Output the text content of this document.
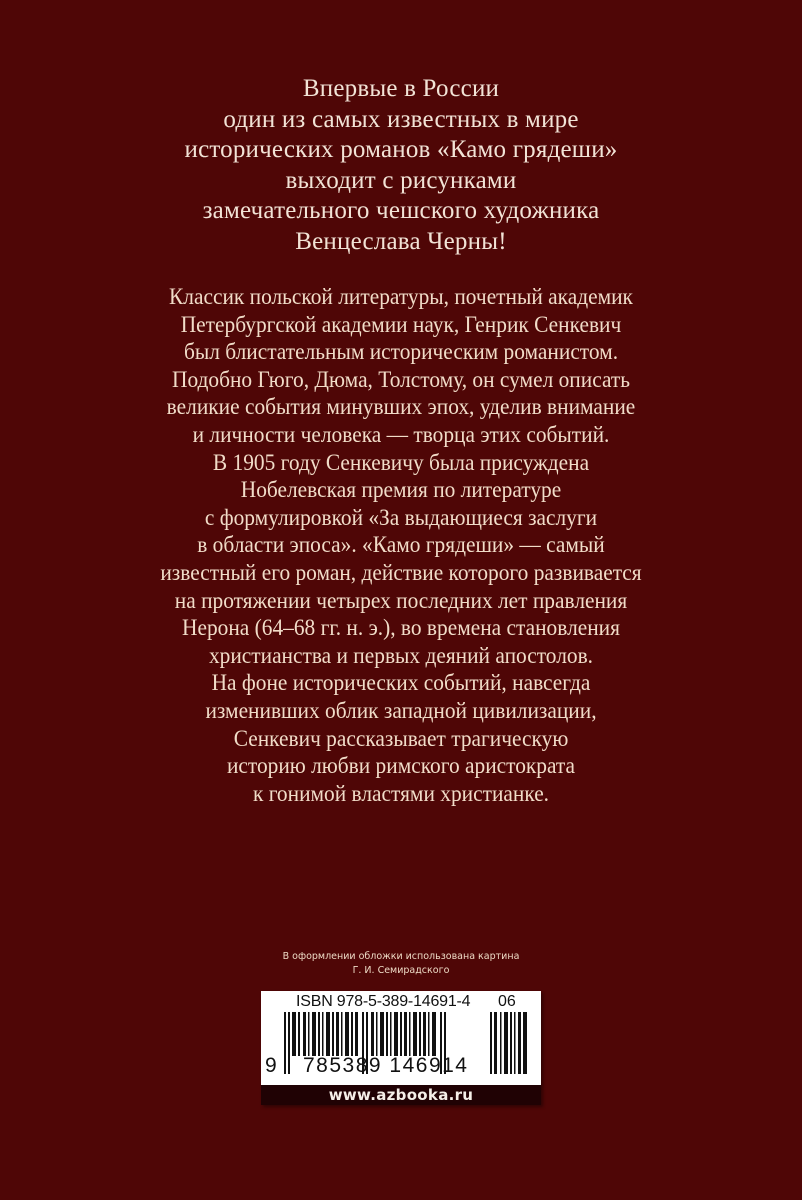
Впервые в России
один из самых известных в мире
исторических романов «Камо грядеши»
выходит с рисунками
замечательного чешского художника
Венцеслава Черны!
Классик польской литературы, почетный академик
Петербургской академии наук, Генрик Сенкевич
был блистательным историческим романистом.
Подобно Гюго, Дюма, Толстому, он сумел описать
великие события минувших эпох, уделив внимание
и личности человека — творца этих событий.
В 1905 году Сенкевичу была присуждена
Нобелевская премия по литературе
с формулировкой «За выдающиеся заслуги
в области эпоса». «Камо грядеши» — самый
известный его роман, действие которого развивается
на протяжении четырех последних лет правления
Нерона (64–68 гг. н. э.), во времена становления
христианства и первых деяний апостолов.
На фоне исторических событий, навсегда
изменивших облик западной цивилизации,
Сенкевич рассказывает трагическую
историю любви римского аристократа
к гонимой властями христианке.
В оформлении обложки использована картина
Г. И. Семирадского
ISBN 978-5-389-14691-4 06
9 785389 146914
www.azbooka.ru
